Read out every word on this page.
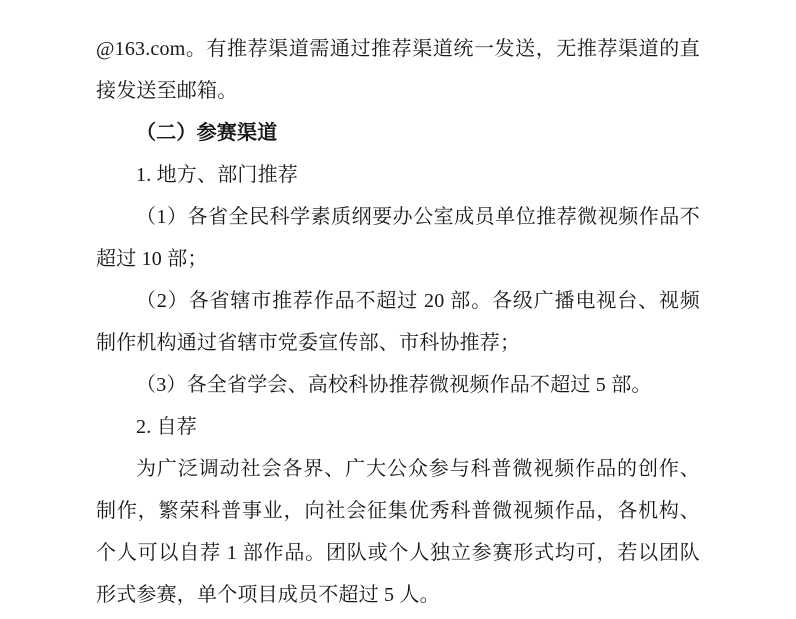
@163.com。有推荐渠道需通过推荐渠道统一发送，无推荐渠道的直接发送至邮箱。

（二）参赛渠道

1. 地方、部门推荐

（1）各省全民科学素质纲要办公室成员单位推荐微视频作品不超过 10 部；

（2）各省辖市推荐作品不超过 20 部。各级广播电视台、视频制作机构通过省辖市党委宣传部、市科协推荐；

（3）各全省学会、高校科协推荐微视频作品不超过 5 部。

2. 自荐

为广泛调动社会各界、广大公众参与科普微视频作品的创作、制作，繁荣科普事业，向社会征集优秀科普微视频作品，各机构、个人可以自荐 1 部作品。团队或个人独立参赛形式均可，若以团队形式参赛，单个项目成员不超过 5 人。
